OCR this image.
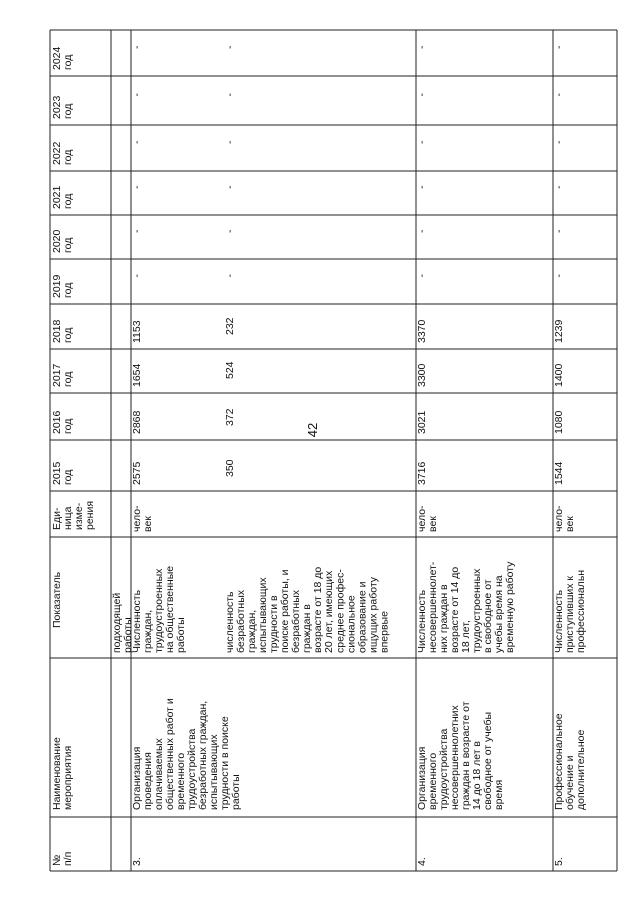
42
№п/п
Наименованиемероприятия
Показатель
Еди-ницаизме-рения
2015год
2016год
2017год
2018год
2019год
2020год
2021год
2022год
2023год
2024год
подходящейработы
3.
Организацияпроведенияоплачиваемыхобщественных работ ивременноготрудоустройствабезработных граждан,испытывающихтрудности в поискеработы
Численностьграждан,трудоустроенныхна общественныеработы
чело-век
2575
2868
1654
1153
-
-
-
-
-
-
численностьбезработныхграждан,испытывающихтрудности впоиске работы, ибезработныхграждан ввозрасте от 18 до20 лет, имеющихсреднее профес-сиональноеобразование иищущих работувпервые
350
372
524
232
-
-
-
-
-
-
4.
Организациявременноготрудоустройстванесовершеннолетнихграждан в возрасте от14 до 18 лет всвободное от учебывремя
Численностьнесовершеннолет-них граждан ввозрасте от 14 до18 лет,трудоустроенныхв свободное отучебы время навременную работу
чело-век
3716
3021
3300
3370
-
-
-
-
-
-
5.
Профессиональноеобучение идополнительное
Численностьприступивших кпрофессиональн
чело-век
1544
1080
1400
1239
-
-
-
-
-
-
